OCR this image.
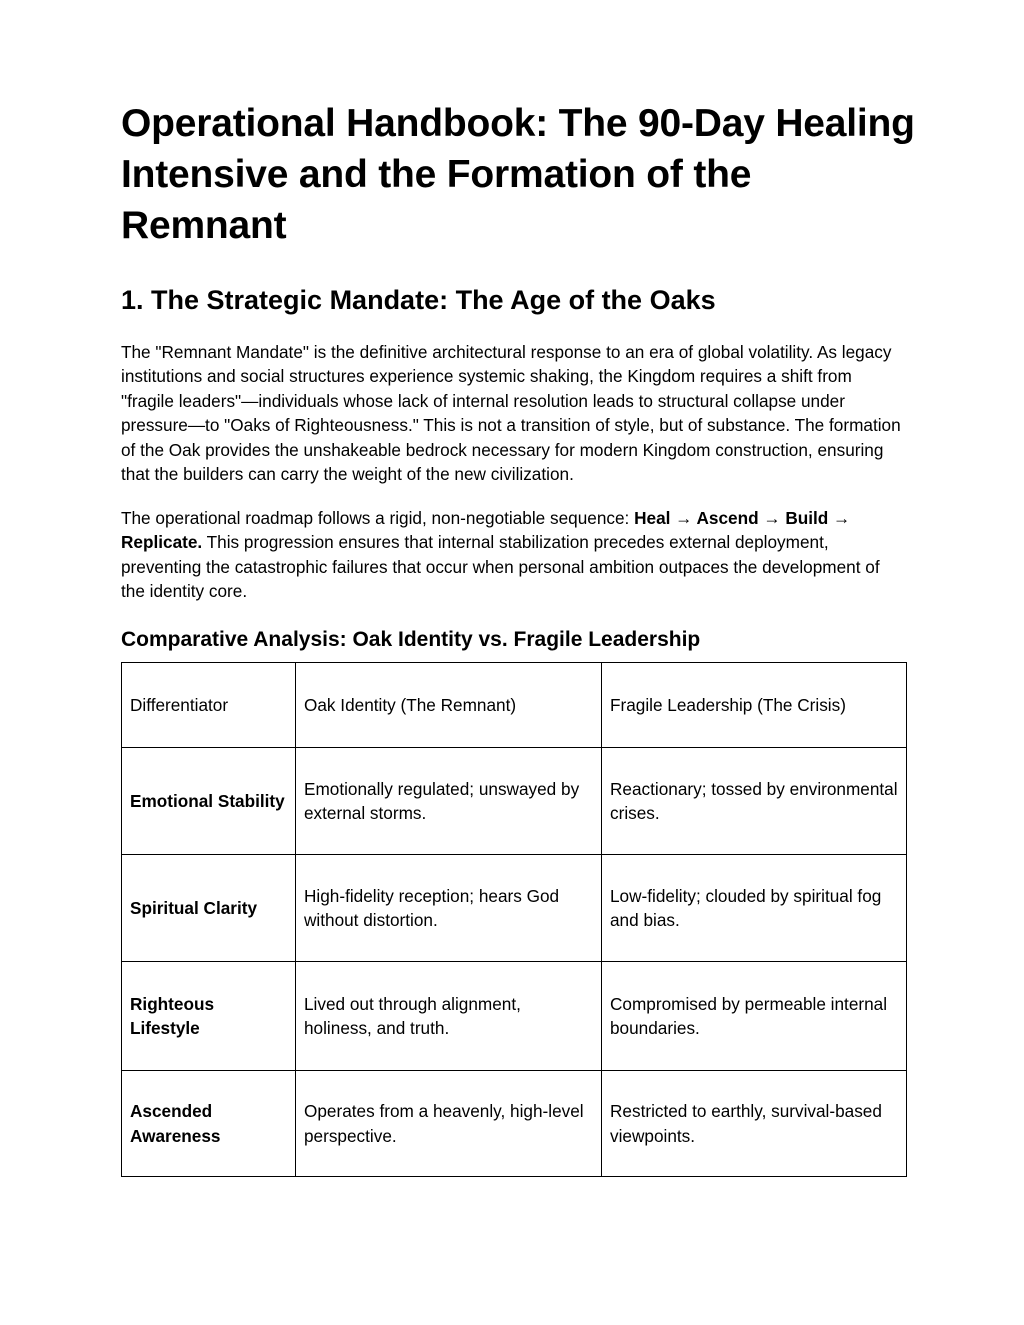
Operational Handbook: The 90-Day Healing Intensive and the Formation of the Remnant
1. The Strategic Mandate: The Age of the Oaks

The "Remnant Mandate" is the definitive architectural response to an era of global volatility. As legacy institutions and social structures experience systemic shaking, the Kingdom requires a shift from "fragile leaders"—individuals whose lack of internal resolution leads to structural collapse under pressure—to "Oaks of Righteousness." This is not a transition of style, but of substance. The formation of the Oak provides the unshakeable bedrock necessary for modern Kingdom construction, ensuring that the builders can carry the weight of the new civilization.

The operational roadmap follows a rigid, non-negotiable sequence: Heal → Ascend → Build → Replicate. This progression ensures that internal stabilization precedes external deployment, preventing the catastrophic failures that occur when personal ambition outpaces the development of the identity core.

Comparative Analysis: Oak Identity vs. Fragile Leadership
Differentiator	Oak Identity (The Remnant)	Fragile Leadership (The Crisis)
Emotional Stability	Emotionally regulated; unswayed by external storms.	Reactionary; tossed by environmental crises.
Spiritual Clarity	High-fidelity reception; hears God without distortion.	Low-fidelity; clouded by spiritual fog and bias.
Righteous Lifestyle	Lived out through alignment, holiness, and truth.	Compromised by permeable internal boundaries.
Ascended Awareness	Operates from a heavenly, high-level perspective.	Restricted to earthly, survival-based viewpoints.
